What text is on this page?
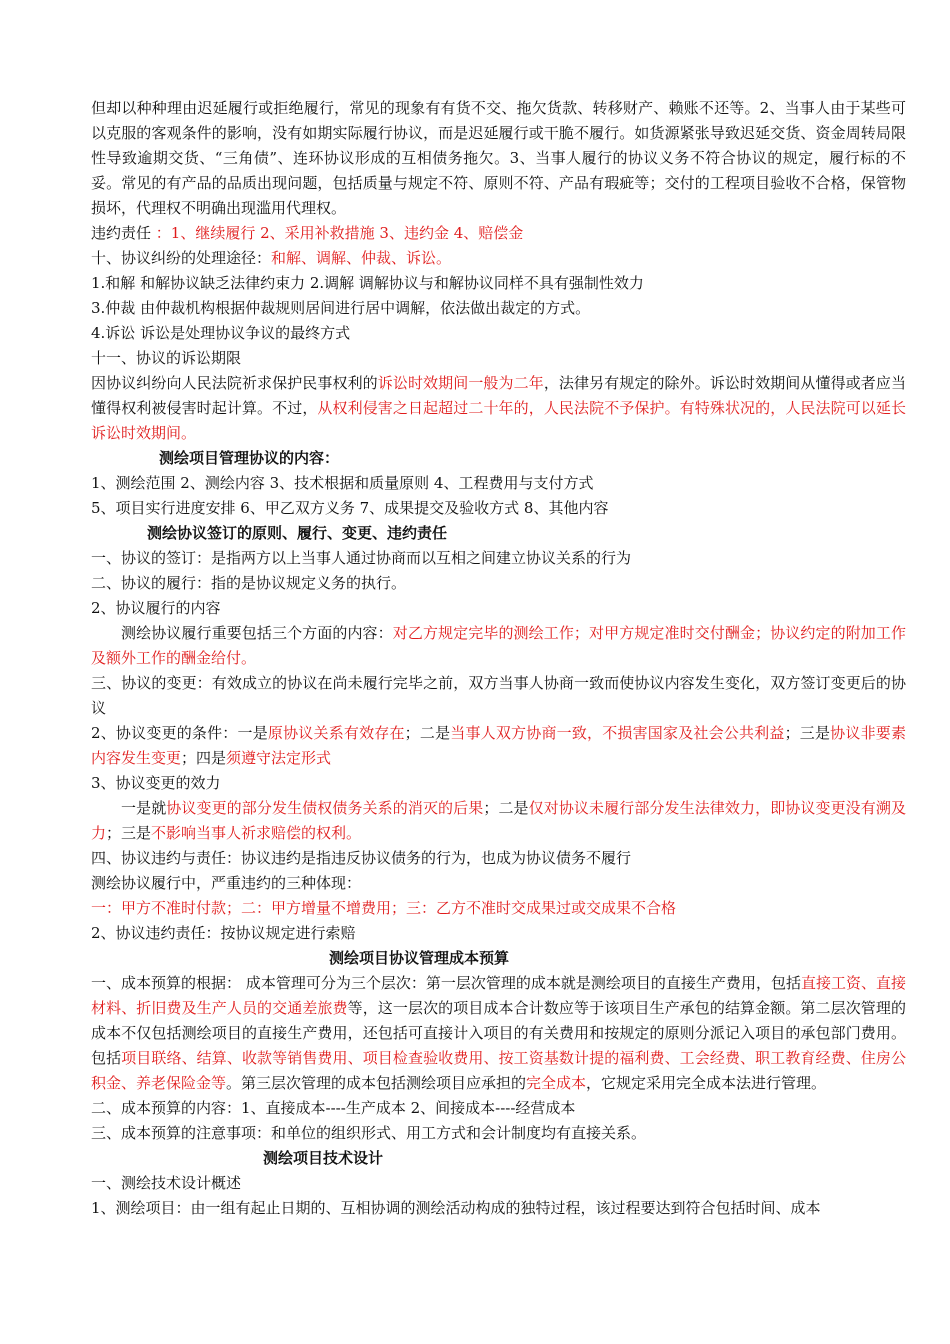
但却以种种理由迟延履行或拒绝履行，常见的现象有有货不交、拖欠货款、转移财产、赖账不还等。2、当事人由于某些可以克服的客观条件的影响，没有如期实际履行协议，而是迟延履行或干脆不履行。如货源紧张导致迟延交货、资金周转局限性导致逾期交货、“三角债”、连环协议形成的互相债务拖欠。3、当事人履行的协议义务不符合协议的规定，履行标的不妥。常见的有产品的品质出现问题，包括质量与规定不符、原则不符、产品有瑕疵等；交付的工程项目验收不合格，保管物损坏，代理权不明确出现滥用代理权。

违约责任 ：1、继续履行 2、采用补救措施 3、违约金 4、赔偿金

十、协议纠纷的处理途径：和解、调解、仲裁、诉讼。

1.和解 和解协议缺乏法律约束力 2.调解 调解协议与和解协议同样不具有强制性效力

3.仲裁 由仲裁机构根据仲裁规则居间进行居中调解，依法做出裁定的方式。

4.诉讼 诉讼是处理协议争议的最终方式

十一、协议的诉讼期限

因协议纠纷向人民法院祈求保护民事权利的诉讼时效期间一般为二年，法律另有规定的除外。诉讼时效期间从懂得或者应当懂得权利被侵害时起计算。不过，从权利侵害之日起超过二十年的，人民法院不予保护。有特殊状况的，人民法院可以延长诉讼时效期间。

测绘项目管理协议的内容：

1、测绘范围 2、测绘内容 3、技术根据和质量原则 4、工程费用与支付方式

5、项目实行进度安排 6、甲乙双方义务 7、成果提交及验收方式 8、其他内容

测绘协议签订的原则、履行、变更、违约责任

一、协议的签订：是指两方以上当事人通过协商而以互相之间建立协议关系的行为

二、协议的履行：指的是协议规定义务的执行。

2、协议履行的内容

测绘协议履行重要包括三个方面的内容：对乙方规定完毕的测绘工作；对甲方规定准时交付酬金；协议约定的附加工作及额外工作的酬金给付。

三、协议的变更：有效成立的协议在尚未履行完毕之前，双方当事人协商一致而使协议内容发生变化，双方签订变更后的协议

2、协议变更的条件：一是原协议关系有效存在；二是当事人双方协商一致，不损害国家及社会公共利益；三是协议非要素内容发生变更；四是须遵守法定形式

3、协议变更的效力

一是就协议变更的部分发生债权债务关系的消灭的后果；二是仅对协议未履行部分发生法律效力，即协议变更没有溯及力；三是不影响当事人祈求赔偿的权利。

四、协议违约与责任：协议违约是指违反协议债务的行为，也成为协议债务不履行

测绘协议履行中，严重违约的三种体现：

一：甲方不准时付款；二：甲方增量不增费用；三：乙方不准时交成果过或交成果不合格

2、协议违约责任：按协议规定进行索赔

测绘项目协议管理成本预算

一、成本预算的根据： 成本管理可分为三个层次：第一层次管理的成本就是测绘项目的直接生产费用，包括直接工资、直接材料、折旧费及生产人员的交通差旅费等，这一层次的项目成本合计数应等于该项目生产承包的结算金额。第二层次管理的成本不仅包括测绘项目的直接生产费用，还包括可直接计入项目的有关费用和按规定的原则分派记入项目的承包部门费用。包括项目联络、结算、收款等销售费用、项目检查验收费用、按工资基数计提的福利费、工会经费、职工教育经费、住房公积金、养老保险金等。第三层次管理的成本包括测绘项目应承担的完全成本，它规定采用完全成本法进行管理。

二、成本预算的内容：1、直接成本----生产成本 2、间接成本----经营成本

三、成本预算的注意事项：和单位的组织形式、用工方式和会计制度均有直接关系。

测绘项目技术设计

一、测绘技术设计概述

1、测绘项目：由一组有起止日期的、互相协调的测绘活动构成的独特过程，该过程要达到符合包括时间、成本
